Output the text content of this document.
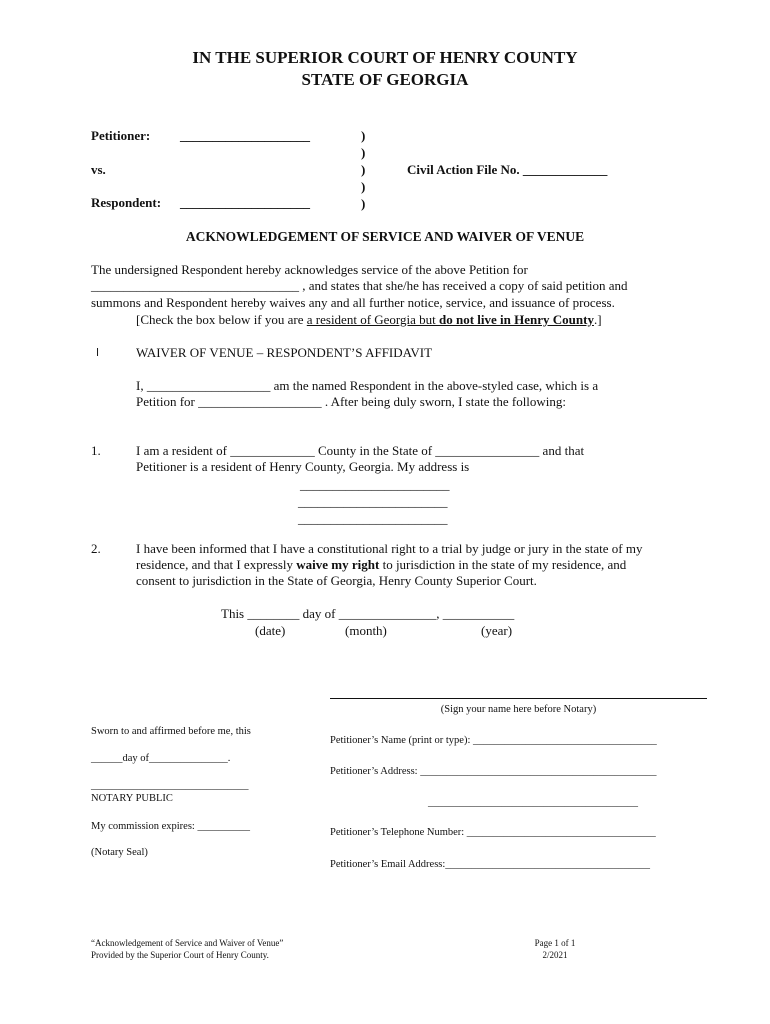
IN THE SUPERIOR COURT OF HENRY COUNTY
STATE OF GEORGIA
Petitioner: ____________________
vs.
Respondent: ____________________
)
)
)
)
)
Civil Action File No. _____________
ACKNOWLEDGEMENT OF SERVICE AND WAIVER OF VENUE
The undersigned Respondent hereby acknowledges service of the above Petition for
________________________________ , and states that she/he has received a copy of said petition and
summons and Respondent hereby waives any and all further notice, service, and issuance of process.
[Check the box below if you are a resident of Georgia but do not live in Henry County.]
l	WAIVER OF VENUE – RESPONDENT’S AFFIDAVIT
I, ___________________ am the named Respondent in the above-styled case, which is a
Petition for ___________________ . After being duly sworn, I state the following:
1.	I am a resident of _____________ County in the State of ________________ and that
Petitioner is a resident of Henry County, Georgia. My address is
_______________________
_______________________
_______________________
2.	I have been informed that I have a constitutional right to a trial by judge or jury in the state of my
residence, and that I expressly waive my right to jurisdiction in the state of my residence, and
consent to jurisdiction in the State of Georgia, Henry County Superior Court.
This ________ day of _______________, ___________
(date)	(month)	(year)
(Sign your name here before Notary)
Petitioner’s Name (print or type): ___________________________________
Petitioner’s Address: _____________________________________________
________________________________________
Petitioner’s Telephone Number: ____________________________________
Petitioner’s Email Address:_______________________________________
Sworn to and affirmed before me, this
______day of_______________.
______________________________
NOTARY PUBLIC
My commission expires: __________
(Notary Seal)
“Acknowledgement of Service and Waiver of Venue”
Provided by the Superior Court of Henry County.
Page 1 of 1
2/2021
